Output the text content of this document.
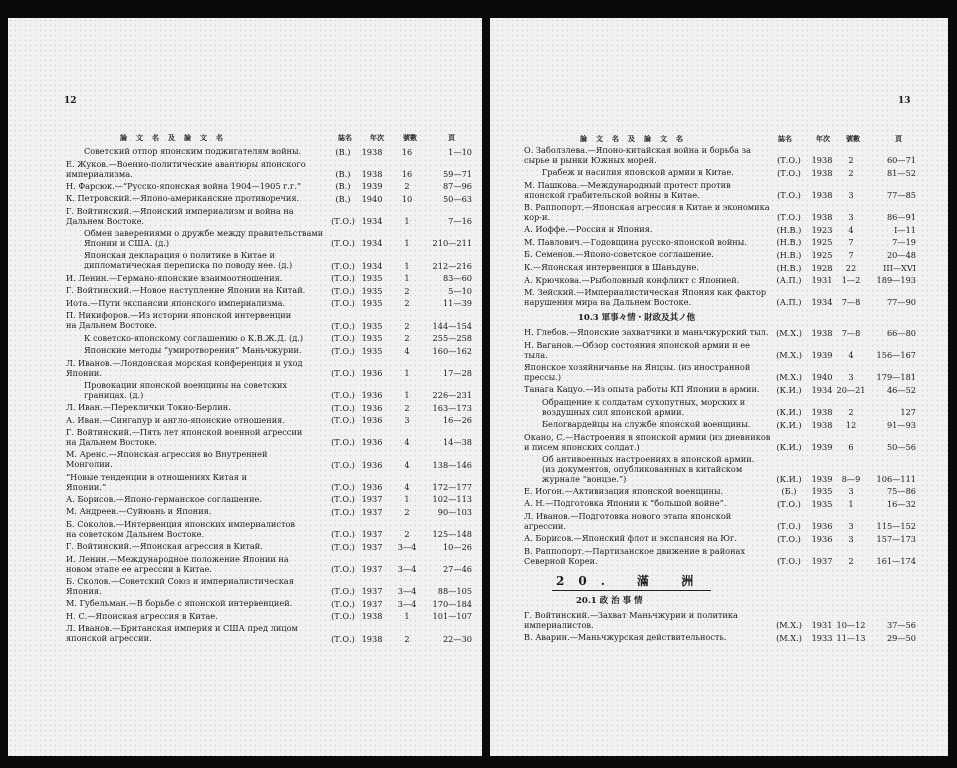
12
論文名及論文名	誌名	年次	號數	頁
Советский отпор японским поджигателям войны.	(В.)	1938	16	1—10
Е. Жуков.—Военно-политические авантюры японского
империализма.	(В.)	1938	16	59—71
Н. Фарсюк.—“Русско-японская война 1904—1905 г.г.”	(В.)	1939	2	87—96
К. Петровский.—Японо-американские противоречия.	(В.)	1940	10	50—63
Г. Войтинский.—Японский империализм и война на
Дальнем Востоке.	(Т.О.) 1934	1	7—16
Обмен заверениями о дружбе между правительствами
Японии и США. (д.)	(Т.О.) 1934	1	210—211
Японская декларация о политике в Китае и
дипломатическая переписка по поводу нее. (д.)	(Т.О.) 1934	1	212—216
И. Ленин.—Германо-японские взаимоотношения.	(Т.О.) 1935	1	83—60
Г. Войтинский.—Новое наступление Японии на Китай.	(Т.О.) 1935	2	5—10
Иота.—Пути экспансии японского империализма.	(Т.О.) 1935	2	11—39
П. Никифоров.—Из истории японской интервенции
на Дальнем Востоке.	(Т.О.) 1935	2	144—154
К советско-японскому соглашению о К.В.Ж.Д. (д.)	(Т.О.) 1935	2	255—258
Японские методы “умиротворения” Маньчжурии.	(Т.О.) 1935	4	160—162
Л. Иванов.—Лондонская морская конференция и уход
Японии.	(Т.О.) 1936	1	17—28
Провокации японской военщины на советских
границах. (д.)	(Т.О.) 1936	1	226—231
Л. Иван.—Переклички Токио-Берлин.	(Т.О.) 1936	2	163—173
А. Иван.—Сингапур и англо-японские отношения.	(Т.О.) 1936	3	16—26
Г. Войтинский.—Пять лет японской военной агрессии
на Дальнем Востоке.	(Т.О.) 1936	4	14—38
М. Аренс.—Японская агрессия во Внутренней
Монголии.	(Т.О.) 1936	4	138—146
“Новые тенденции в отношениях Китая и
Японии.”	(Т.О.) 1936	4	172—177
А. Борисов.—Японо-германское соглашение.	(Т.О.) 1937	1	102—113
М. Андреев.—Суйюань и Япония.	(Т.О.) 1937	2	90—103
Б. Соколов.—Интервенция японских империалистов
на советском Дальнем Востоке.	(Т.О.) 1937	2	125—148
Г. Войтинский.—Японская агрессия в Китай.	(Т.О.) 1937	3—4	10—26
И. Ленин.—Международное положение Японии на
новом этапе ее агрессии в Китае.	(Т.О.) 1937	3—4	27—46
Б. Сколов.—Советский Союз и империалистическая
Япония.	(Т.О.) 1937	3—4	88—105
М. Губельман.—В борьбе с японской интервенцией.	(Т.О.) 1937	3—4	170—184
Н. С.—Японская агрессия в Китае.	(Т.О.) 1938	1	101—107
Л. Иванов.—Британская империя и США пред лицом
японской агрессии.	(Т.О.) 1938	2	22—30
13
論文名及論文名	誌名	年次 號數	頁
О. Заболзлева.—Японо-китайская война и борьба за
сырье и рынки Южных морей.	(Т.О.)	1938	2	60—71
Грабеж и насилия японской армии в Китае.	(Т.О.)	1938	2	81—52
М. Пашкова.—Международный протест против
японской грабительской войны в Китае.	(Т.О.)	1938	3	77—85
В. Раппопорт.—Японская агрессия в Китае и экономика
кор-и.	(Т.О.)	1938	3	86—91
А. Иоффе.—Россия и Япония.	(Н.В.)	1923	4	I—11
М. Павлович.—Годовщина русско-японской войны.	(Н.В.)	1925	7	7—19
Б. Семенов.—Японо-советское соглашение.	(Н.В.)	1925	7	20—48
К.—Японская интервенция в Шаньдуне.	(Н.В.)	1928	22	III—XVI
А. Крючкова.—Рыболовный конфликт с Японией.	(А.П.)	1931	1—2	189—193
М. Зейский.—Империалистическая Япония как фактор
нарушения мира на Дальнем Востоке.	(А.П.)	1934	7—8	77—90
10.3 軍事々情・財政及其ノ他
Н. Глебов.—Японские захватчики и маньчжурский тыл. (М.Х.)	1938	7—8	66—80
Н. Ваганов.—Обзор состояния японской армии и ее
тыла.	(М.Х.)	1939	4	156—167
Японское хозяйничанье на Янцзы. (из иностранной
прессы.)	(М.Х.)	1940	3	179—181
Танага Кацуо.—Из опыта работы КП Японии в армии.	(К.И.)	1934 20—21	46—52
Обращение к солдатам сухопутных, морских и
воздушных сил японской армии.	(К.И.)	1938	2	127
Белогвардейцы на службе японской военщины.	(К.И.)	1938	12	91—93
Окано, С.—Настроения в японской армии (из дневников
и писем японских солдат.)	(К.И.)	1939	6	50—56
Об антивоенных настроениях в японской армии.
(из документов, опубликованных в китайском
журнале “вонцзе.”)	(К.И.)	1939	8—9	106—111
Е. Иогон.—Активизация японской военщины.	(Б.)	1935	3	75—86
А. Н.—Подготовка Японии к “большой войне”.	(Т.О.)	1935	1	16—32
Л. Иванов.—Подготовка нового этапа японской
агрессии.	(Т.О.)	1936	3	115—152
А. Борисов.—Японский флот и экспансия на Юг.	(Т.О.)	1936	3	157—173
В. Раппопорт.—Партизанское движение в районах
Северной Кореи.	(Т.О.)	1937	2	161—174
20. 滿 洲
20.1 政 治 事 情
Г. Войтинский.—Захват Маньчжурии и политика
империалистов.	(М.Х.)	1931 10—12	37—56
В. Аварин.—Маньчжурская действительность.	(М.Х.)	1933 11—13	29—50
